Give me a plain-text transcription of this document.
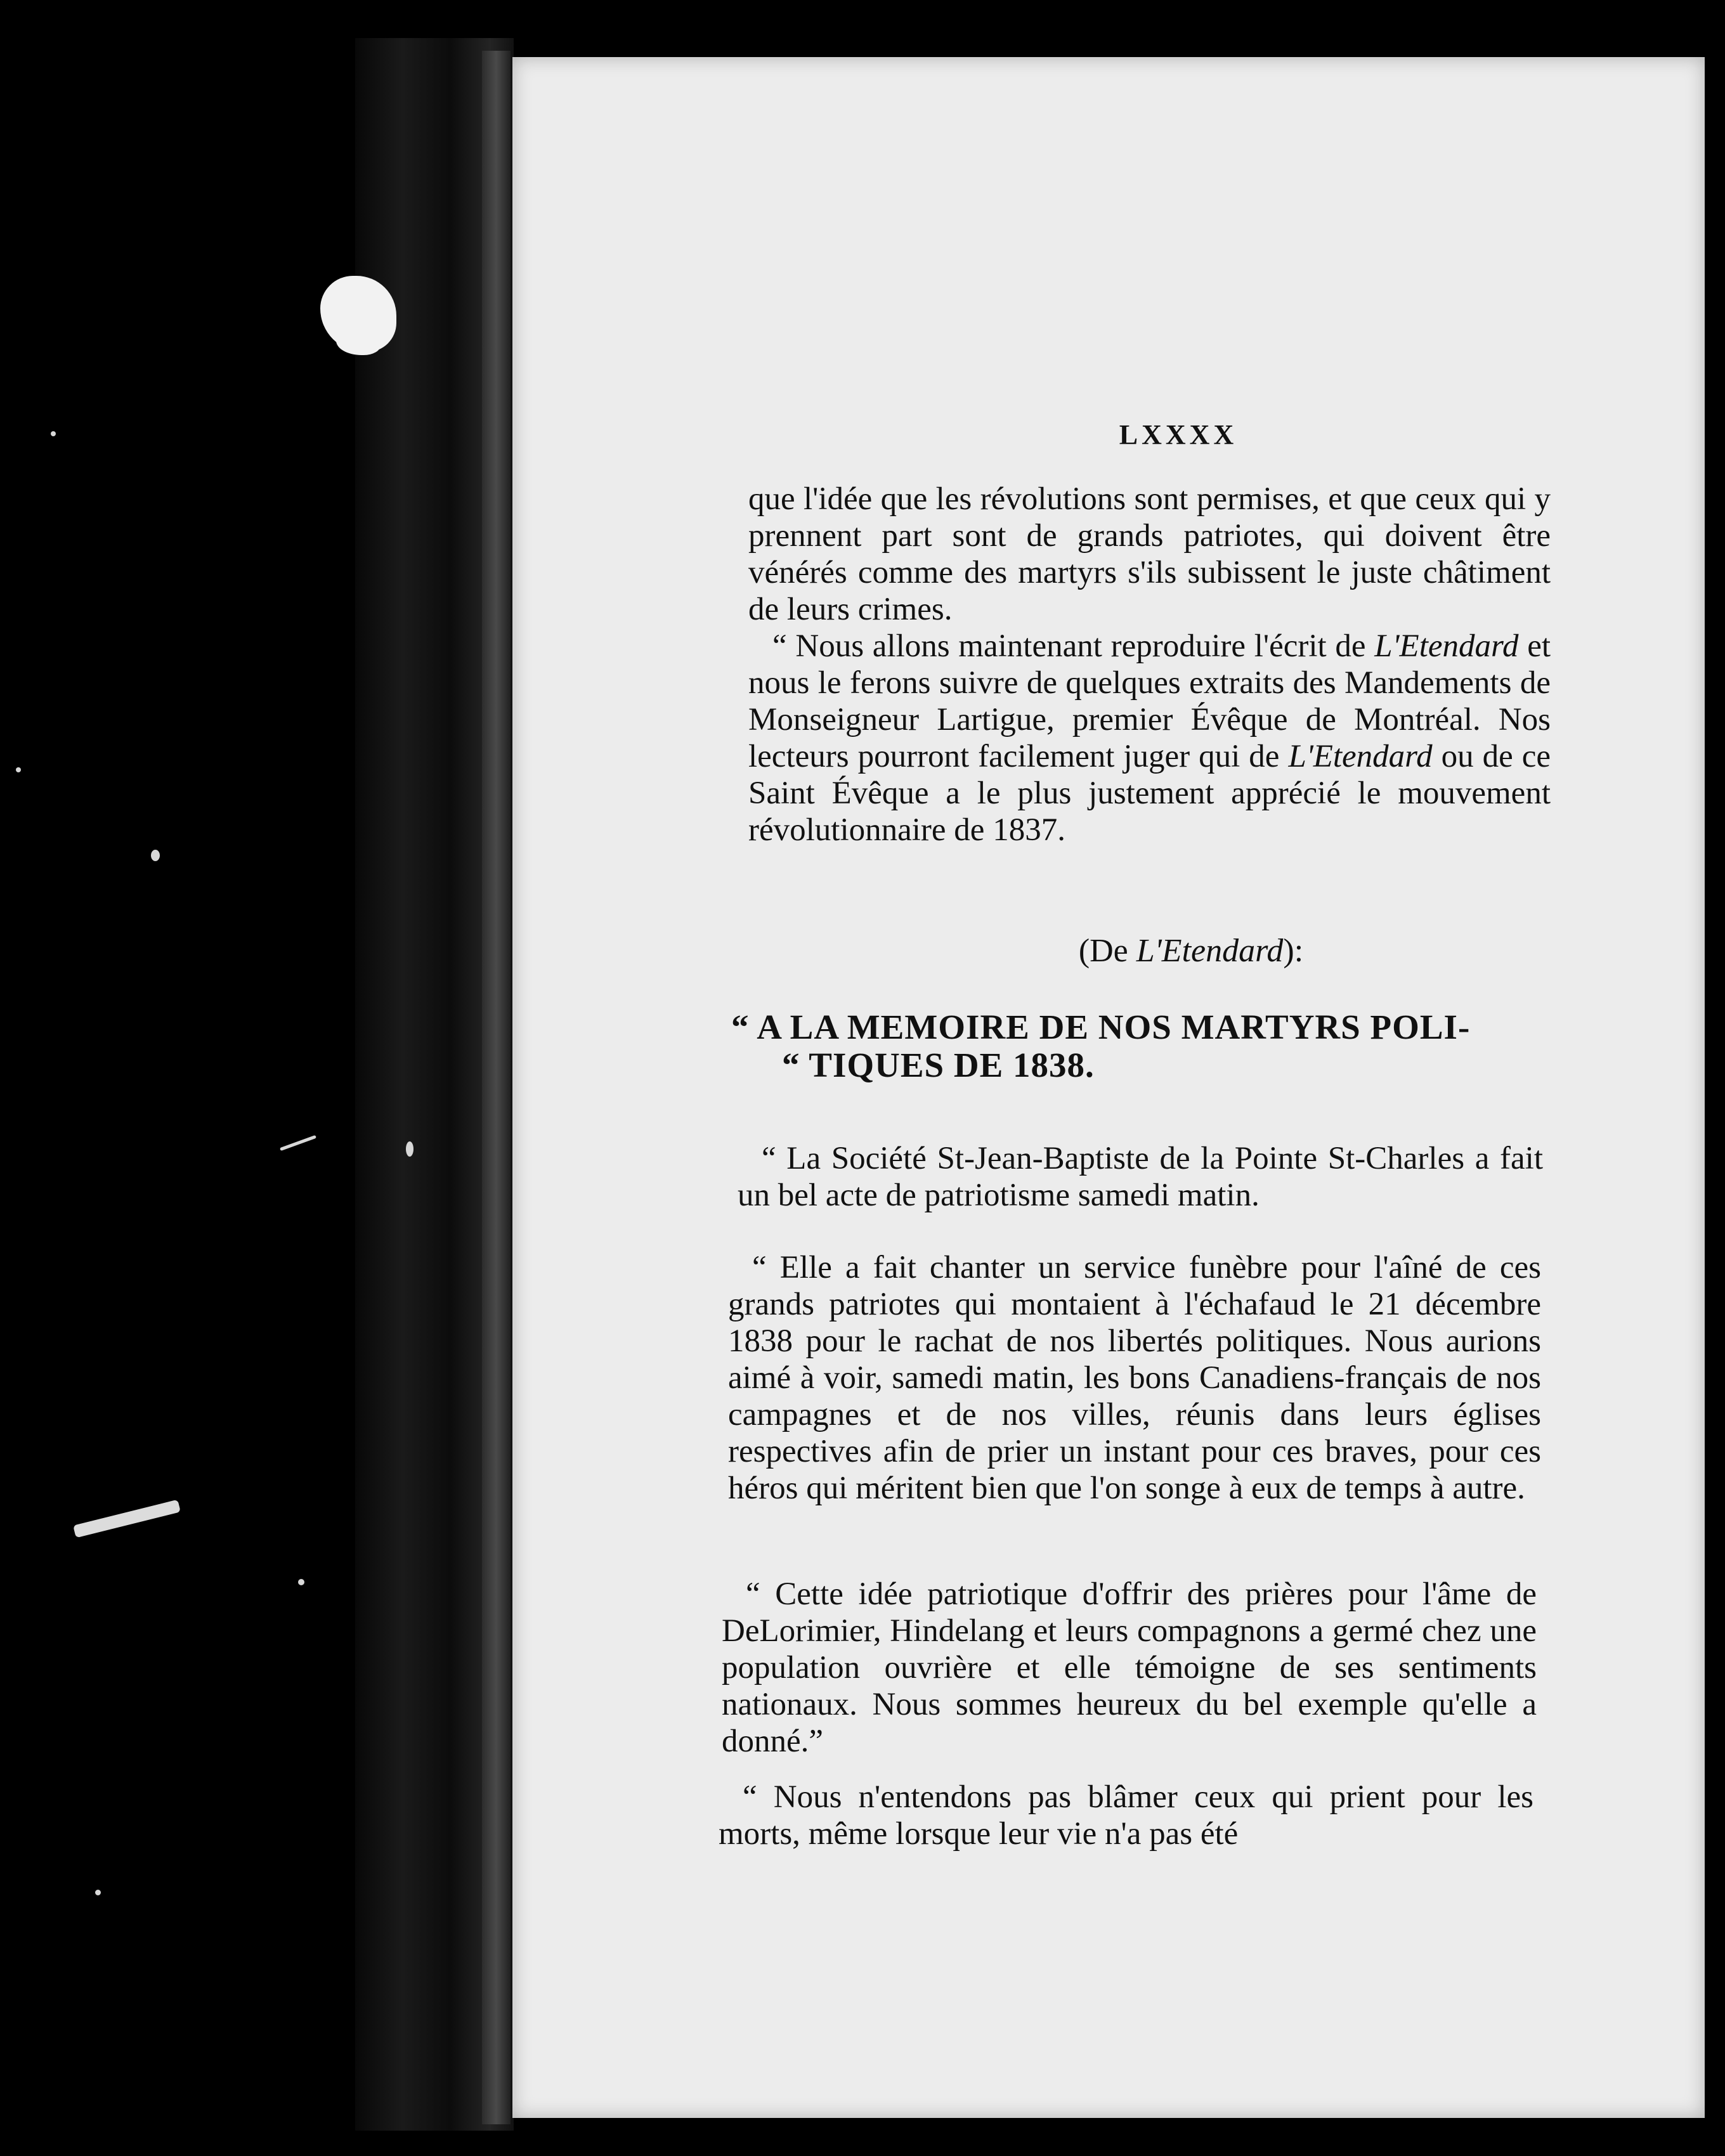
LXXXX

que l'idée que les révolutions sont permises, et que ceux qui y prennent part sont de grands patriotes, qui doivent être vénérés comme des martyrs s'ils subissent le juste châtiment de leurs crimes.

“ Nous allons maintenant reproduire l'écrit de L'Etendard et nous le ferons suivre de quelques extraits des Mandements de Monseigneur Lartigue, premier Évêque de Montréal. Nos lecteurs pourront facilement juger qui de L'Etendard ou de ce Saint Évêque a le plus justement apprécié le mouvement révolutionnaire de 1837.

(De L'Etendard):
“ A LA MEMOIRE DE NOS MARTYRS POLI-
“ TIQUES DE 1838.

“ La Société St-Jean-Baptiste de la Pointe St-Charles a fait un bel acte de patriotisme samedi matin.

“ Elle a fait chanter un service funèbre pour l'aîné de ces grands patriotes qui montaient à l'échafaud le 21 décembre 1838 pour le rachat de nos libertés politiques. Nous aurions aimé à voir, samedi matin, les bons Canadiens-français de nos campagnes et de nos villes, réunis dans leurs églises respectives afin de prier un instant pour ces braves, pour ces héros qui méritent bien que l'on songe à eux de temps à autre.

“ Cette idée patriotique d'offrir des prières pour l'âme de DeLorimier, Hindelang et leurs compagnons a germé chez une population ouvrière et elle témoigne de ses sentiments nationaux. Nous sommes heureux du bel exemple qu'elle a donné.”

“ Nous n'entendons pas blâmer ceux qui prient pour les morts, même lorsque leur vie n'a pas été
